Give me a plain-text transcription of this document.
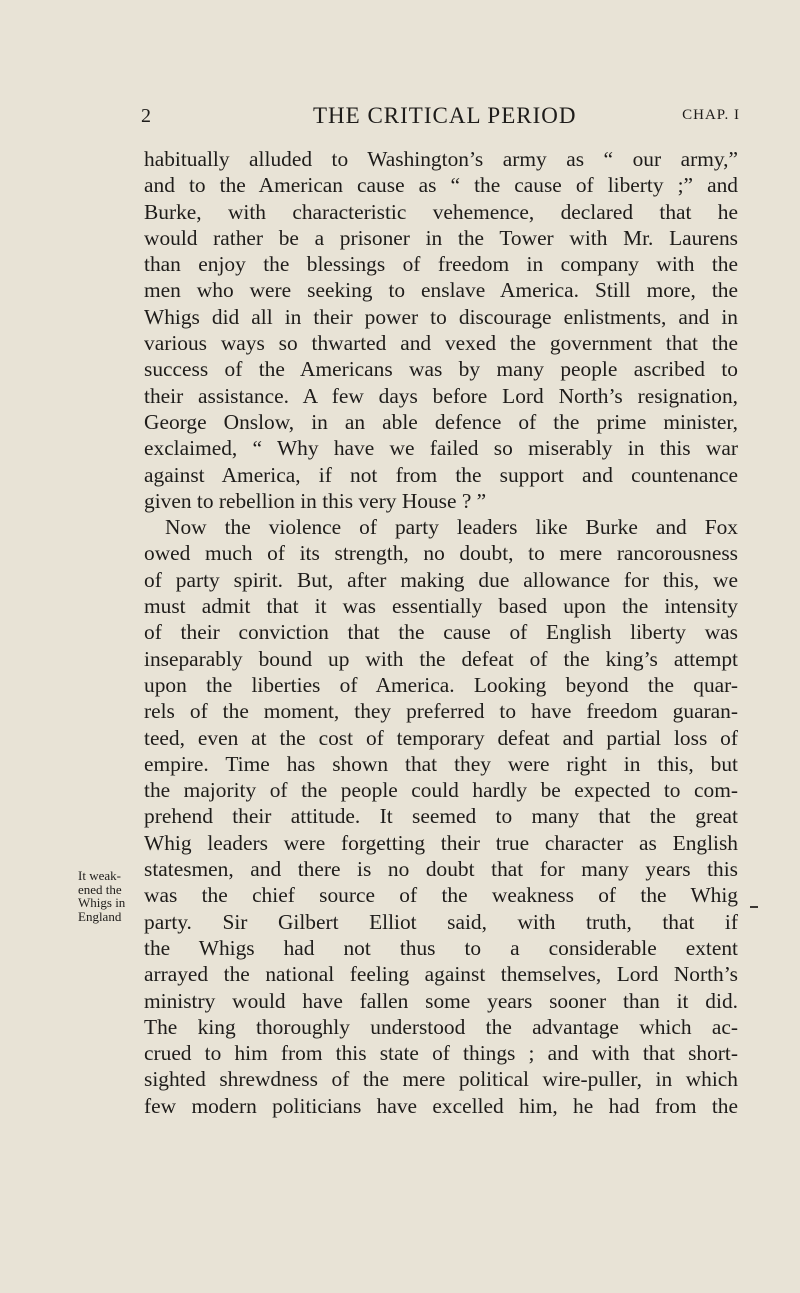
2	THE CRITICAL PERIOD	CHAP. I
habitually alluded to Washington’s army as “ our army,”
and to the American cause as “ the cause of liberty ;” and
Burke, with characteristic vehemence, declared that he
would rather be a prisoner in the Tower with Mr. Laurens
than enjoy the blessings of freedom in company with the
men who were seeking to enslave America. Still more, the
Whigs did all in their power to discourage enlistments, and in
various ways so thwarted and vexed the government that the
success of the Americans was by many people ascribed to
their assistance. A few days before Lord North’s resignation,
George Onslow, in an able defence of the prime minister,
exclaimed, “ Why have we failed so miserably in this war
against America, if not from the support and countenance
given to rebellion in this very House ? ”
Now the violence of party leaders like Burke and Fox
owed much of its strength, no doubt, to mere rancorousness
of party spirit. But, after making due allowance for this, we
must admit that it was essentially based upon the intensity
of their conviction that the cause of English liberty was
inseparably bound up with the defeat of the king’s attempt
upon the liberties of America. Looking beyond the quar-
rels of the moment, they preferred to have freedom guaran-
teed, even at the cost of temporary defeat and partial loss of
empire. Time has shown that they were right in this, but
the majority of the people could hardly be expected to com-
prehend their attitude. It seemed to many that the great
Whig leaders were forgetting their true character as English
statesmen, and there is no doubt that for many years this
was the chief source of the weakness of the Whig
party. Sir Gilbert Elliot said, with truth, that if
the Whigs had not thus to a considerable extent
arrayed the national feeling against themselves, Lord North’s
ministry would have fallen some years sooner than it did.
The king thoroughly understood the advantage which ac-
crued to him from this state of things ; and with that short-
sighted shrewdness of the mere political wire-puller, in which
few modern politicians have excelled him, he had from the
It weak-
ened the
Whigs in
England
